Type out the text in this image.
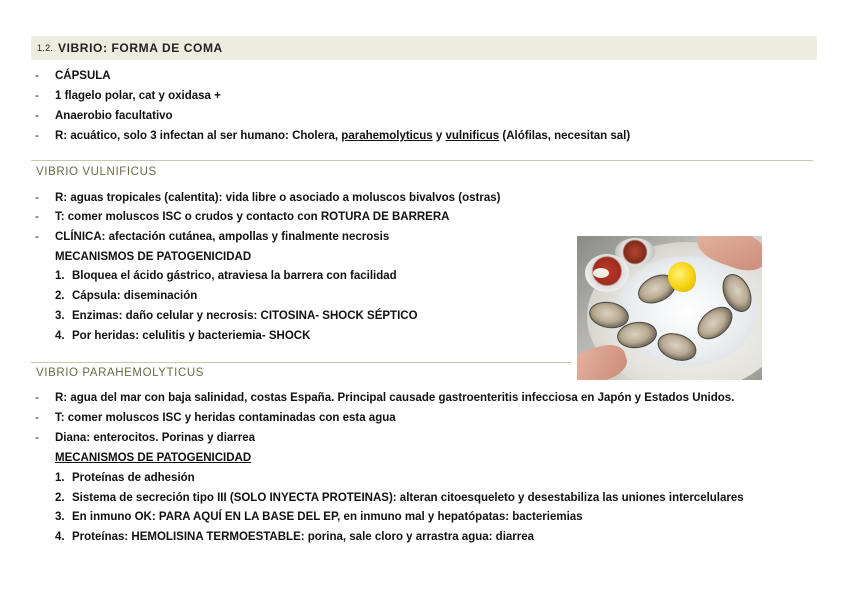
1.2. VIBRIO: FORMA DE COMA
- CÁPSULA
- 1 flagelo polar, cat y oxidasa +
- Anaerobio facultativo
- R: acuático, solo 3 infectan al ser humano: Cholera, parahemolyticus y vulnificus (Alófilas, necesitan sal)
VIBRIO VULNIFICUS
- R: aguas tropicales (calentita): vida libre o asociado a moluscos bivalvos (ostras)
- T: comer moluscos ISC o crudos y contacto con ROTURA DE BARRERA
- CLÍNICA: afectación cutánea, ampollas y finalmente necrosis
MECANISMOS DE PATOGENICIDAD
1. Bloquea el ácido gástrico, atraviesa la barrera con facilidad
2. Cápsula: diseminación
3. Enzimas: daño celular y necrosis: CITOSINA- SHOCK SÉPTICO
4. Por heridas: celulitis y bacteriemia- SHOCK
VIBRIO PARAHEMOLYTICUS
- R: agua del mar con baja salinidad, costas España. Principal causade gastroenteritis infecciosa en Japón y Estados Unidos.
- T: comer moluscos ISC y heridas contaminadas con esta agua
- Diana: enterocitos. Porinas y diarrea
MECANISMOS DE PATOGENICIDAD
1. Proteínas de adhesión
2. Sistema de secreción tipo III (SOLO INYECTA PROTEINAS): alteran citoesqueleto y desestabiliza las uniones intercelulares
3. En inmuno OK: PARA AQUÍ EN LA BASE DEL EP, en inmuno mal y hepatópatas: bacteriemias
4. Proteínas: HEMOLISINA TERMOESTABLE: porina, sale cloro y arrastra agua: diarrea
